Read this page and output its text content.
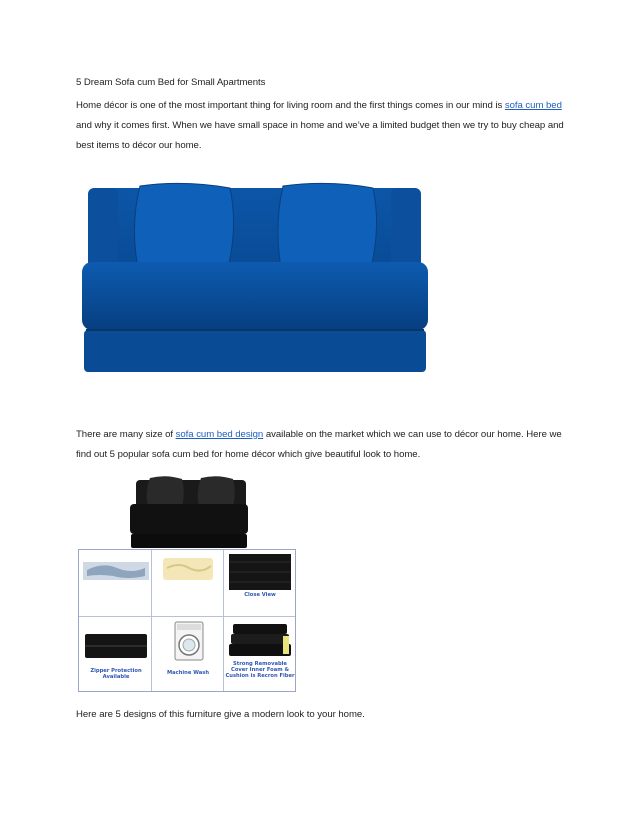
5 Dream Sofa cum Bed for Small Apartments
Home décor is one of the most important thing for living room and the first things comes in our mind is sofa cum bed and why it comes first. When we have small space in home and we’ve a limited budget then we try to buy cheap and best items to décor our home.
There are many size of sofa cum bed design available on the market which we can use to décor our home. Here we find out 5 popular sofa cum bed for home décor which give beautiful look to home.
Close View
Zipper Protection Available
Machine Wash
Strong Removable Cover Inner Foam & Cushion is Recron Fiber
Here are 5 designs of this furniture give a modern look to your home.
